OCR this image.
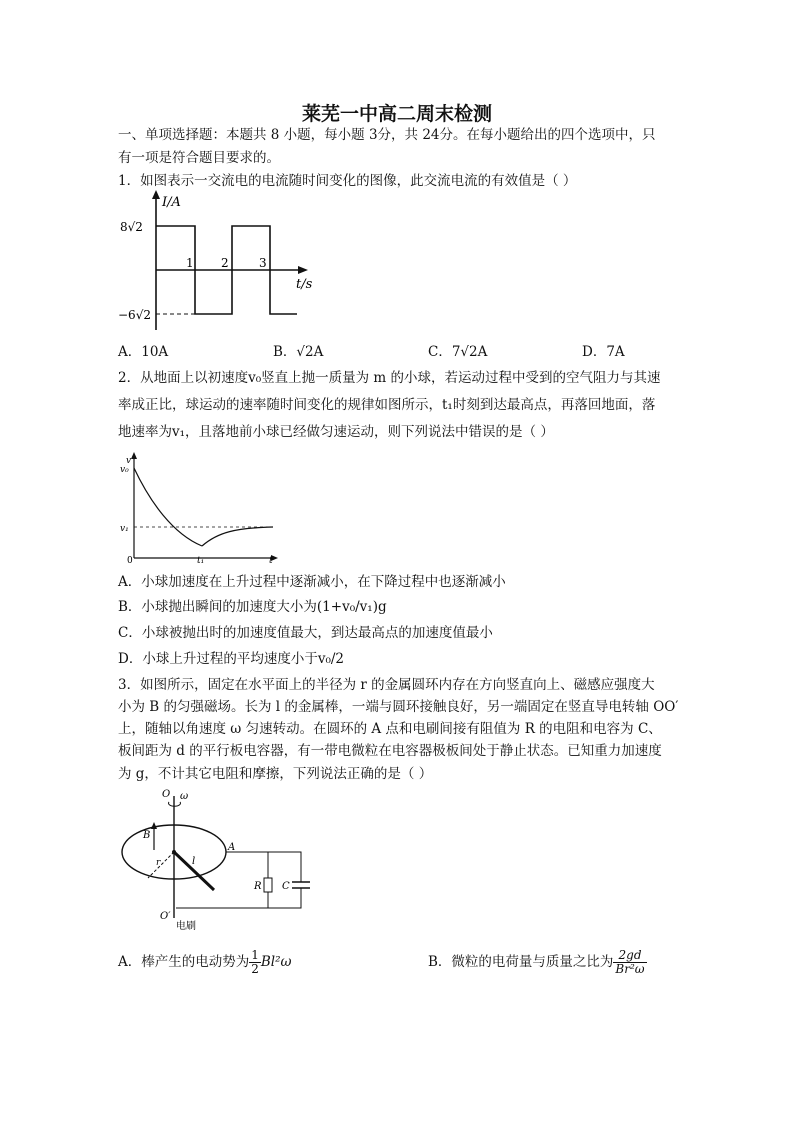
莱芜一中高二周末检测
一、单项选择题：本题共 8 小题，每小题 3分，共 24分。在每小题给出的四个选项中，只
有一项是符合题目要求的。
1．如图表示一交流电的电流随时间变化的图像，此交流电流的有效值是（ ）
I/A
8√2
−6√2
1 2	3
t/s
A．10A	B．√2A	C．7√2A	D．7A
2．从地面上以初速度v₀竖直上抛一质量为 m 的小球，若运动过程中受到的空气阻力与其速
率成正比，球运动的速率随时间变化的规律如图所示，t₁时刻到达最高点，再落回地面，落
地速率为v₁，且落地前小球已经做匀速运动，则下列说法中错误的是（ ）
v
v₀
v₁
0	t₁	t
A．小球加速度在上升过程中逐渐减小，在下降过程中也逐渐减小
B．小球抛出瞬间的加速度大小为(1+v₀/v₁)g
C．小球被抛出时的加速度值最大，到达最高点的加速度值最小
D．小球上升过程的平均速度小于v₀/2
3．如图所示，固定在水平面上的半径为 r 的金属圆环内存在方向竖直向上、磁感应强度大
小为 B 的匀强磁场。长为 l 的金属棒，一端与圆环接触良好，另一端固定在竖直导电转轴 OO′
上，随轴以角速度 ω 匀速转动。在圆环的 A 点和电刷间接有阻值为 R 的电阻和电容为 C、
板间距为 d 的平行板电容器，有一带电微粒在电容器极板间处于静止状态。已知重力加速度
为 g，不计其它电阻和摩擦，下列说法正确的是（ ）
O ω
B
A
r	l
R C
O′
电刷
A．棒产生的电动势为 $\frac{1}{2} Bl^2\omega$	B．微粒的电荷量与质量之比为 $\frac{2gd}{\text{Br²ω}}$
